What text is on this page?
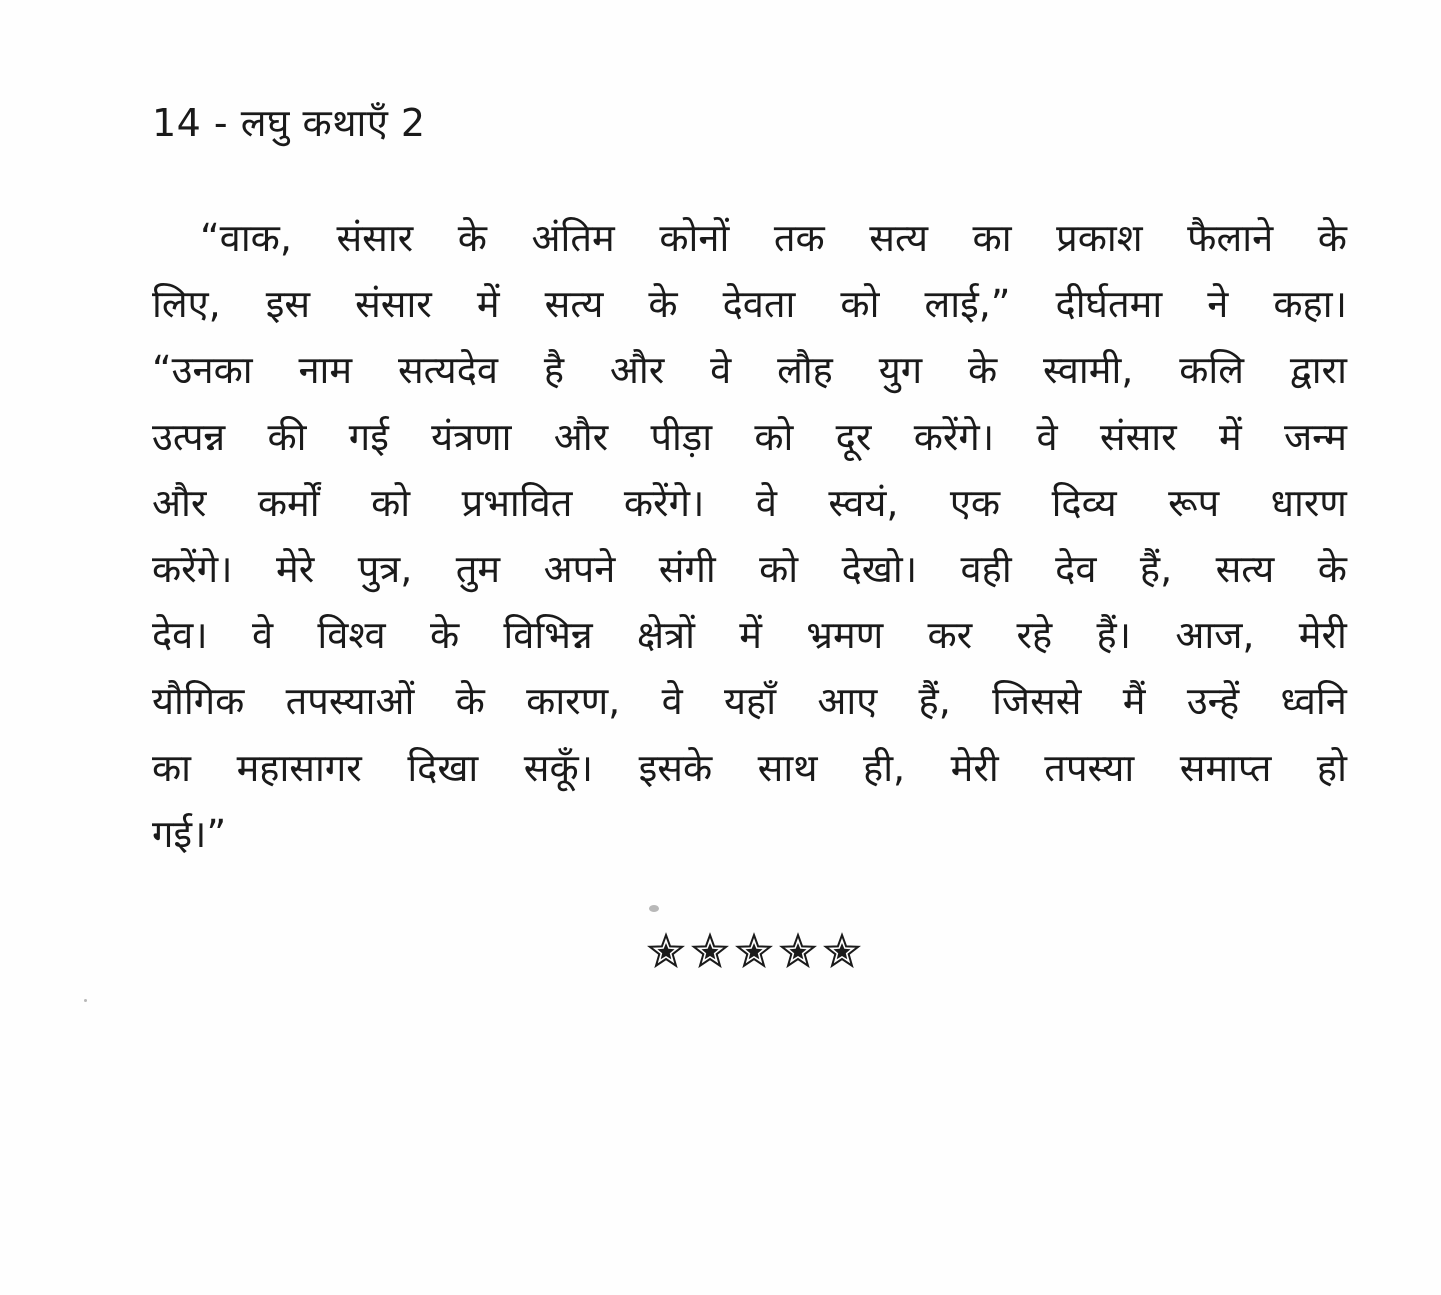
14 - लघु कथाएँ 2
“वाक, संसार के अंतिम कोनों तक सत्य का प्रकाश फैलाने के
लिए, इस संसार में सत्य के देवता को लाई,” दीर्घतमा ने कहा।
“उनका नाम सत्यदेव है और वे लौह युग के स्वामी, कलि द्वारा
उत्पन्न की गई यंत्रणा और पीड़ा को दूर करेंगे। वे संसार में जन्म
और कर्मों को प्रभावित करेंगे। वे स्वयं, एक दिव्य रूप धारण
करेंगे। मेरे पुत्र, तुम अपने संगी को देखो। वही देव हैं, सत्य के
देव। वे विश्व के विभिन्न क्षेत्रों में भ्रमण कर रहे हैं। आज, मेरी
यौगिक तपस्याओं के कारण, वे यहाँ आए हैं, जिससे मैं उन्हें ध्वनि
का महासागर दिखा सकूँ। इसके साथ ही, मेरी तपस्या समाप्त हो
गई।”
